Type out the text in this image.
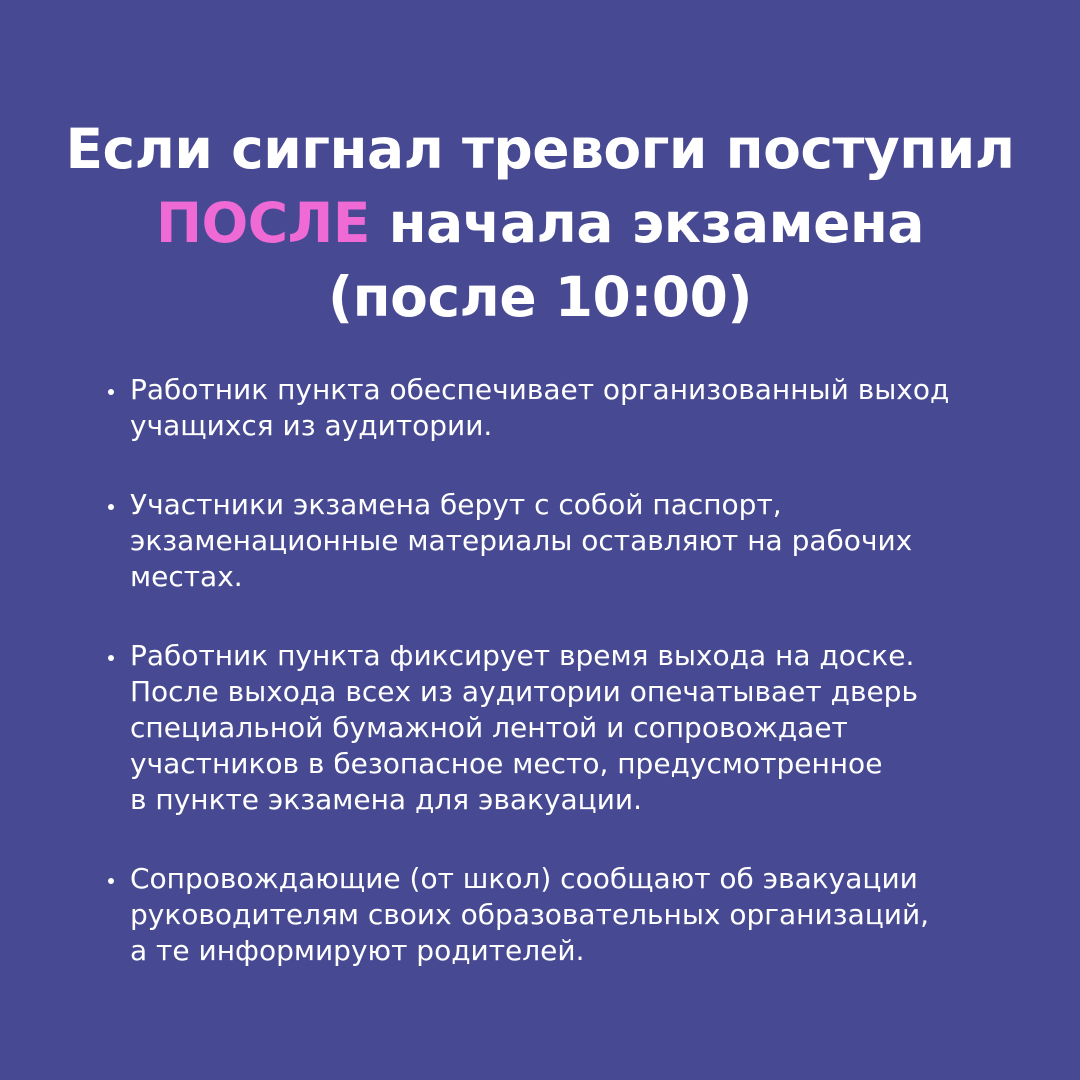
Если сигнал тревоги поступил
ПОСЛЕ начала экзамена
(после 10:00)
Работник пункта обеспечивает организованный выход
учащихся из аудитории.
Участники экзамена берут с собой паспорт,
экзаменационные материалы оставляют на рабочих
местах.
Работник пункта фиксирует время выхода на доске.
После выхода всех из аудитории опечатывает дверь
специальной бумажной лентой и сопровождает
участников в безопасное место, предусмотренное
в пункте экзамена для эвакуации.
Сопровождающие (от школ) сообщают об эвакуации
руководителям своих образовательных организаций,
а те информируют родителей.
